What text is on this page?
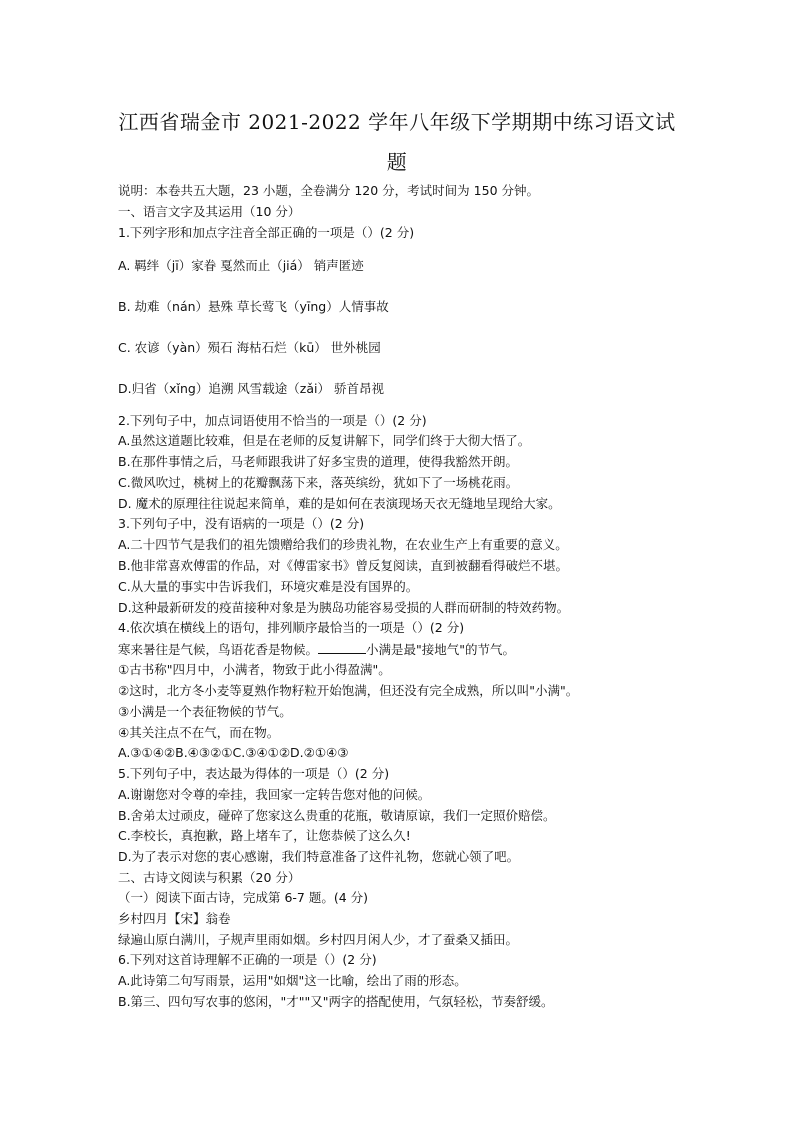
江西省瑞金市 2021-2022 学年八年级下学期期中练习语文试
题
说明：本卷共五大题，23 小题，全卷满分 120 分，考试时间为 150 分钟。
一、语言文字及其运用（10 分）
1.下列字形和加点字注音全部正确的一项是（）(2 分)
A. 羁绊（jī）家眷 戛然而止（jiá） 销声匿迹
B. 劫难（nán）悬殊 草长莺飞（yīng）人情事故
C. 农谚（yàn）殒石 海枯石烂（kū） 世外桃园
D.归省（xǐng）追溯 风雪载途（zǎi） 骄首昂视
2.下列句子中，加点词语使用不恰当的一项是（）(2 分)
A.虽然这道题比较难，但是在老师的反复讲解下，同学们终于大彻大悟了。
B.在那件事情之后，马老师跟我讲了好多宝贵的道理，使得我豁然开朗。
C.微风吹过，桃树上的花瓣飘荡下来，落英缤纷，犹如下了一场桃花雨。
D. 魔术的原理往往说起来简单，难的是如何在表演现场天衣无缝地呈现给大家。
3.下列句子中，没有语病的一项是（）(2 分)
A.二十四节气是我们的祖先馈赠给我们的珍贵礼物，在农业生产上有重要的意义。
B.他非常喜欢傅雷的作品，对《傅雷家书》曾反复阅读，直到被翻看得破烂不堪。
C.从大量的事实中告诉我们，环境灾难是没有国界的。
D.这种最新研发的疫苗接种对象是为胰岛功能容易受损的人群而研制的特效药物。
4.依次填在横线上的语句，排列顺序最恰当的一项是（）(2 分)
寒来暑往是气候，鸟语花香是物候。	小满是最"接地气"的节气。
①古书称"四月中，小满者，物致于此小得盈满"。
②这时，北方冬小麦等夏熟作物籽粒开始饱满，但还没有完全成熟，所以叫"小满"。
③小满是一个表征物候的节气。
④其关注点不在气，而在物。
A.③①④②B.④③②①C.③④①②D.②①④③
5.下列句子中，表达最为得体的一项是（）(2 分)
A.谢谢您对令尊的牵挂，我回家一定转告您对他的问候。
B.舍弟太过顽皮，碰碎了您家这么贵重的花瓶，敬请原谅，我们一定照价赔偿。
C.李校长，真抱歉，路上堵车了，让您恭候了这么久!
D.为了表示对您的衷心感谢，我们特意准备了这件礼物，您就心领了吧。
二、古诗文阅读与积累（20 分）
（一）阅读下面古诗，完成第 6-7 题。(4 分)
乡村四月【宋】翁卷
绿遍山原白满川，子规声里雨如烟。乡村四月闲人少，才了蚕桑又插田。
6.下列对这首诗理解不正确的一项是（）(2 分)
A.此诗第二句写雨景，运用"如烟"这一比喻，绘出了雨的形态。
B.第三、四句写农事的悠闲，"才""又"两字的搭配使用，气氛轻松，节奏舒缓。
